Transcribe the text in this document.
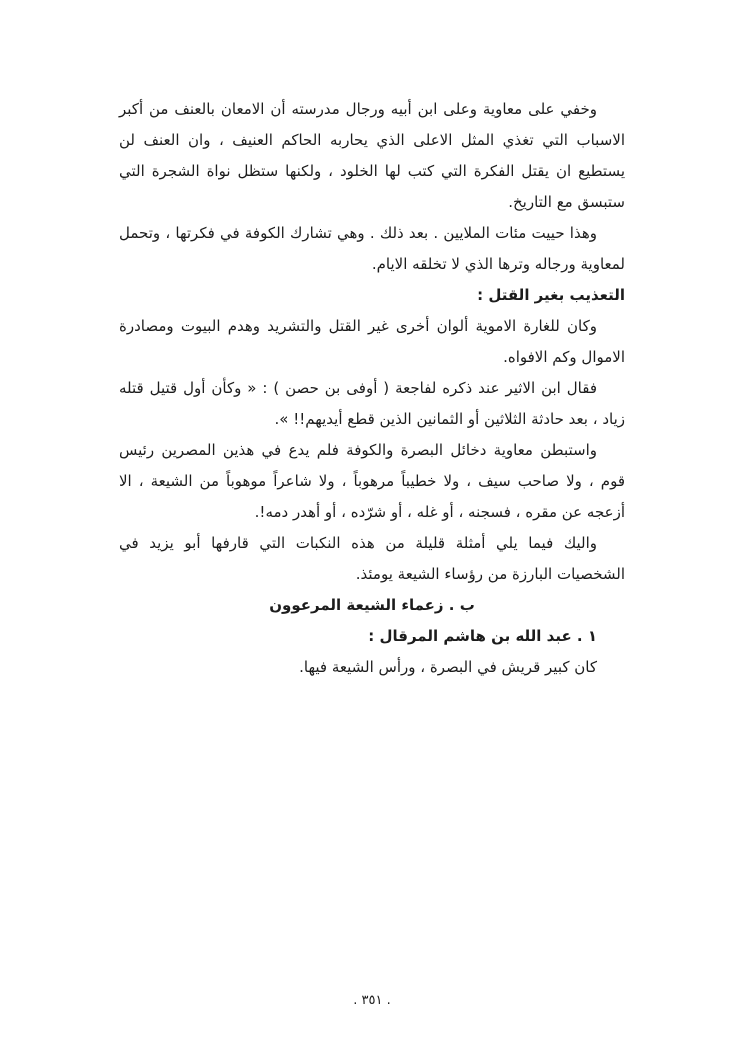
وخفي على معاوية وعلى ابن أبيه ورجال مدرسته أن الامعان بالعنف من أكبر الاسباب التي تغذي المثل الاعلى الذي يحاربه الحاكم العنيف ، وان العنف لن يستطيع ان يقتل الفكرة التي كتب لها الخلود ، ولكنها ستظل نواة الشجرة التي ستبسق مع التاريخ.

وهذا حييت مئات الملايين . بعد ذلك . وهي تشارك الكوفة في فكرتها ، وتحمل لمعاوية ورجاله وترها الذي لا تخلقه الايام.

التعذيب بغير القتل :

وكان للغارة الاموية ألوان أخرى غير القتل والتشريد وهدم البيوت ومصادرة الاموال وكم الافواه.

فقال ابن الاثير عند ذكره لفاجعة ( أوفى بن حصن ) : « وكأن أول قتيل قتله زياد ، بعد حادثة الثلاثين أو الثمانين الذين قطع أيديهم!! ».

واستبطن معاوية دخائل البصرة والكوفة فلم يدع في هذين المصرين رئيس قوم ، ولا صاحب سيف ، ولا خطيباً مرهوباً ، ولا شاعراً موهوباً من الشيعة ، الا أزعجه عن مقره ، فسجنه ، أو غله ، أو شرّده ، أو أهدر دمه!.

واليك فيما يلي أمثلة قليلة من هذه النكبات التي قارفها أبو يزيد في الشخصيات البارزة من رؤساء الشيعة يومئذ.

ب . زعماء الشيعة المرعوون

١ . عبد الله بن هاشم المرقال :

كان كبير قريش في البصرة ، ورأس الشيعة فيها.

. ٣٥١ .
